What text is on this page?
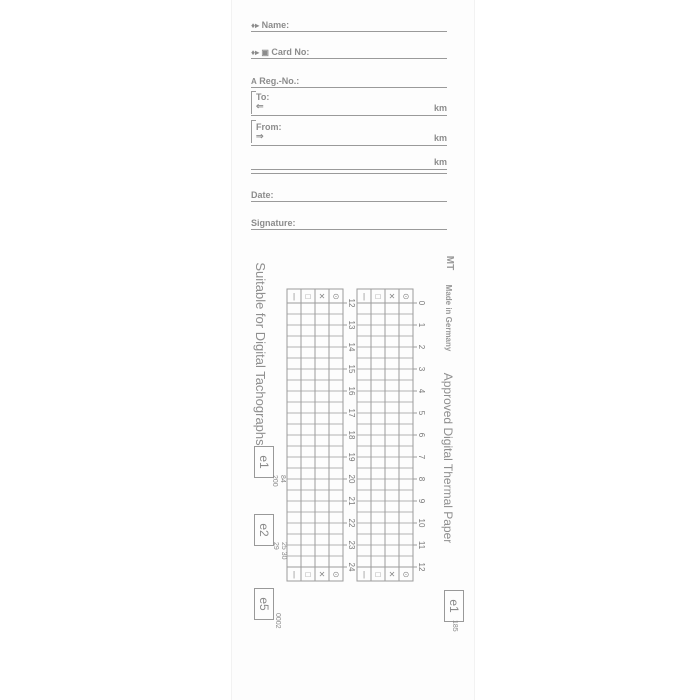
♦▸ Name:
♦▸ ▣ Card No:
A Reg.-No.:
To:
⇐	km
From:
⇒	km
km
Date:
Signature:
Suitable for Digital Tachographs
Approved Digital Thermal Paper
Made in Germany
MT
e1
84
200
e2
25 30
29
e5
0002
e1
185
| □ ✕ ⊙
| □ ✕ ⊙
12
13
14
15
16
17
18
19
20
21
22
23
24
| □ ✕ ⊙
| □ ✕ ⊙
0
1
2
3
4
5
6
7
8
9
10
11
12
